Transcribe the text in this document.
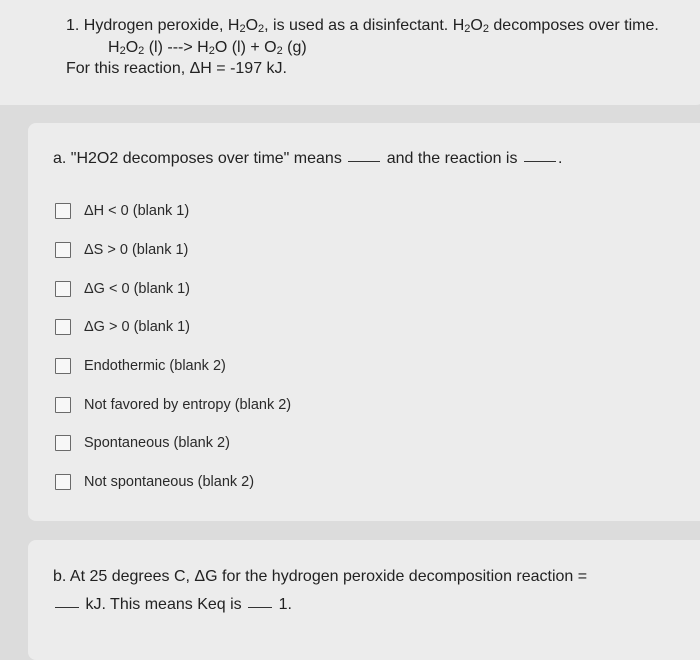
1. Hydrogen peroxide, $H_2O_2$, is used as a disinfectant. $H_2O_2$ decomposes over time.
$H_2O_2$ (l) ---> $H_2O$ $(l) + O_2$ (g)
For this reaction, ΔH = -197 kJ.
a. "H2O2 decomposes over time" means	and the reaction is	.
ΔH < 0 (blank 1)
ΔS > 0 (blank 1)
ΔG < 0 (blank 1)
ΔG > 0 (blank 1)
Endothermic (blank 2)
Not favored by entropy (blank 2)
Spontaneous (blank 2)
Not spontaneous (blank 2)
b. At 25 degrees C, ΔG for the hydrogen peroxide decomposition reaction =
kJ. This means Keq is 1.
